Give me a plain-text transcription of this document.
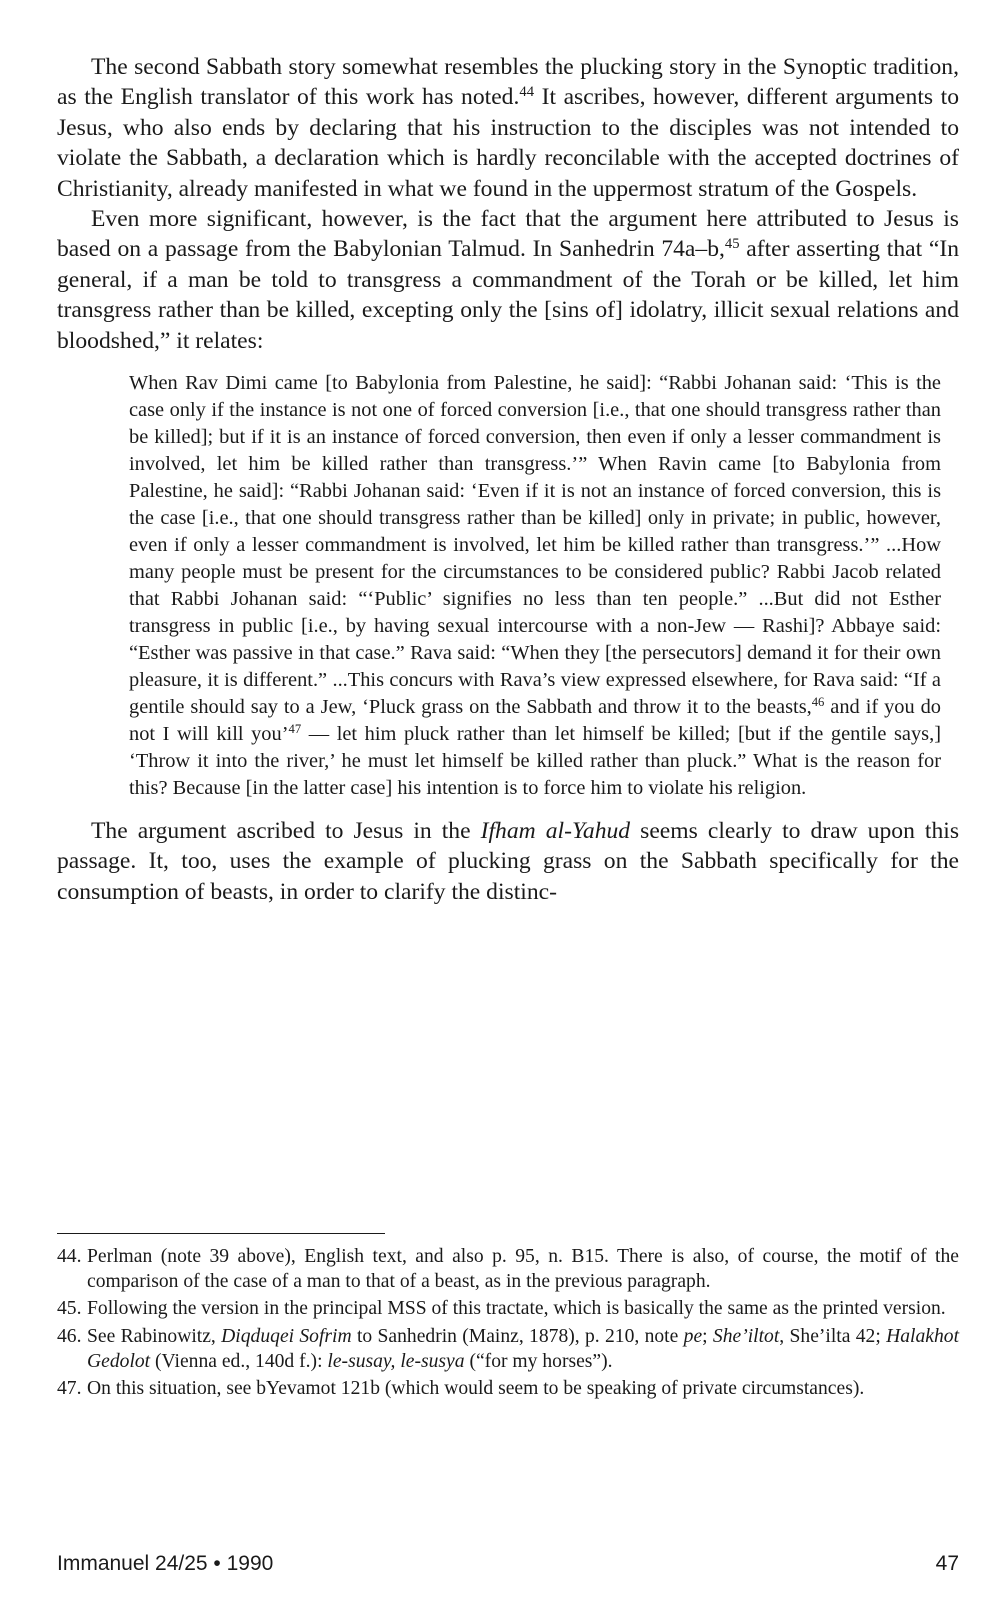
The second Sabbath story somewhat resembles the plucking story in the Synoptic tradition, as the English translator of this work has noted.$^{44}$ It ascribes, however, different arguments to Jesus, who also ends by declaring that his instruction to the disciples was not intended to violate the Sabbath, a declaration which is hardly reconcilable with the accepted doctrines of Christianity, already manifested in what we found in the uppermost stratum of the Gospels.

Even more significant, however, is the fact that the argument here attributed to Jesus is based on a passage from the Babylonian Talmud. In Sanhedrin 74a–b,$^{45}$ after asserting that “In general, if a man be told to transgress a commandment of the Torah or be killed, let him transgress rather than be killed, excepting only the [sins of] idolatry, illicit sexual relations and bloodshed,” it relates:

When Rav Dimi came [to Babylonia from Palestine, he said]: “Rabbi Johanan said: ‘This is the case only if the instance is not one of forced conversion [i.e., that one should transgress rather than be killed]; but if it is an instance of forced conversion, then even if only a lesser commandment is involved, let him be killed rather than transgress.’” When Ravin came [to Babylonia from Palestine, he said]: “Rabbi Johanan said: ‘Even if it is not an instance of forced conversion, this is the case [i.e., that one should transgress rather than be killed] only in private; in public, however, even if only a lesser commandment is involved, let him be killed rather than transgress.’” ...How many people must be present for the circumstances to be considered public? Rabbi Jacob related that Rabbi Johanan said: “‘Public’ signifies no less than ten people.” ...But did not Esther transgress in public [i.e., by having sexual intercourse with a non-Jew — Rashi]? Abbaye said: “Esther was passive in that case.” Rava said: “When they [the persecutors] demand it for their own pleasure, it is different.” ...This concurs with Rava’s view expressed elsewhere, for Rava said: “If a gentile should say to a Jew, ‘Pluck grass on the Sabbath and throw it to the beasts,$^{46}$ and if you do not I will kill you’$^{47}$ — let him pluck rather than let himself be killed; [but if the gentile says,] ‘Throw it into the river,’ he must let himself be killed rather than pluck.” What is the reason for this? Because [in the latter case] his intention is to force him to violate his religion.

The argument ascribed to Jesus in the Ifham al-Yahud seems clearly to draw upon this passage. It, too, uses the example of plucking grass on the Sabbath specifically for the consumption of beasts, in order to clarify the distinc-

44. Perlman (note 39 above), English text, and also p. 95, n. B15. There is also, of course, the motif of the comparison of the case of a man to that of a beast, as in the previous paragraph.

45. Following the version in the principal MSS of this tractate, which is basically the same as the printed version.

46. See Rabinowitz, Diqduqei Sofrim to Sanhedrin (Mainz, 1878), p. 210, note pe; She’iltot, She’ilta 42; Halakhot Gedolot (Vienna ed., 140d f.): le-susay, le-susya (“for my horses”).

47. On this situation, see bYevamot 121b (which would seem to be speaking of private circumstances).

Immanuel 24/25 • 1990	47
